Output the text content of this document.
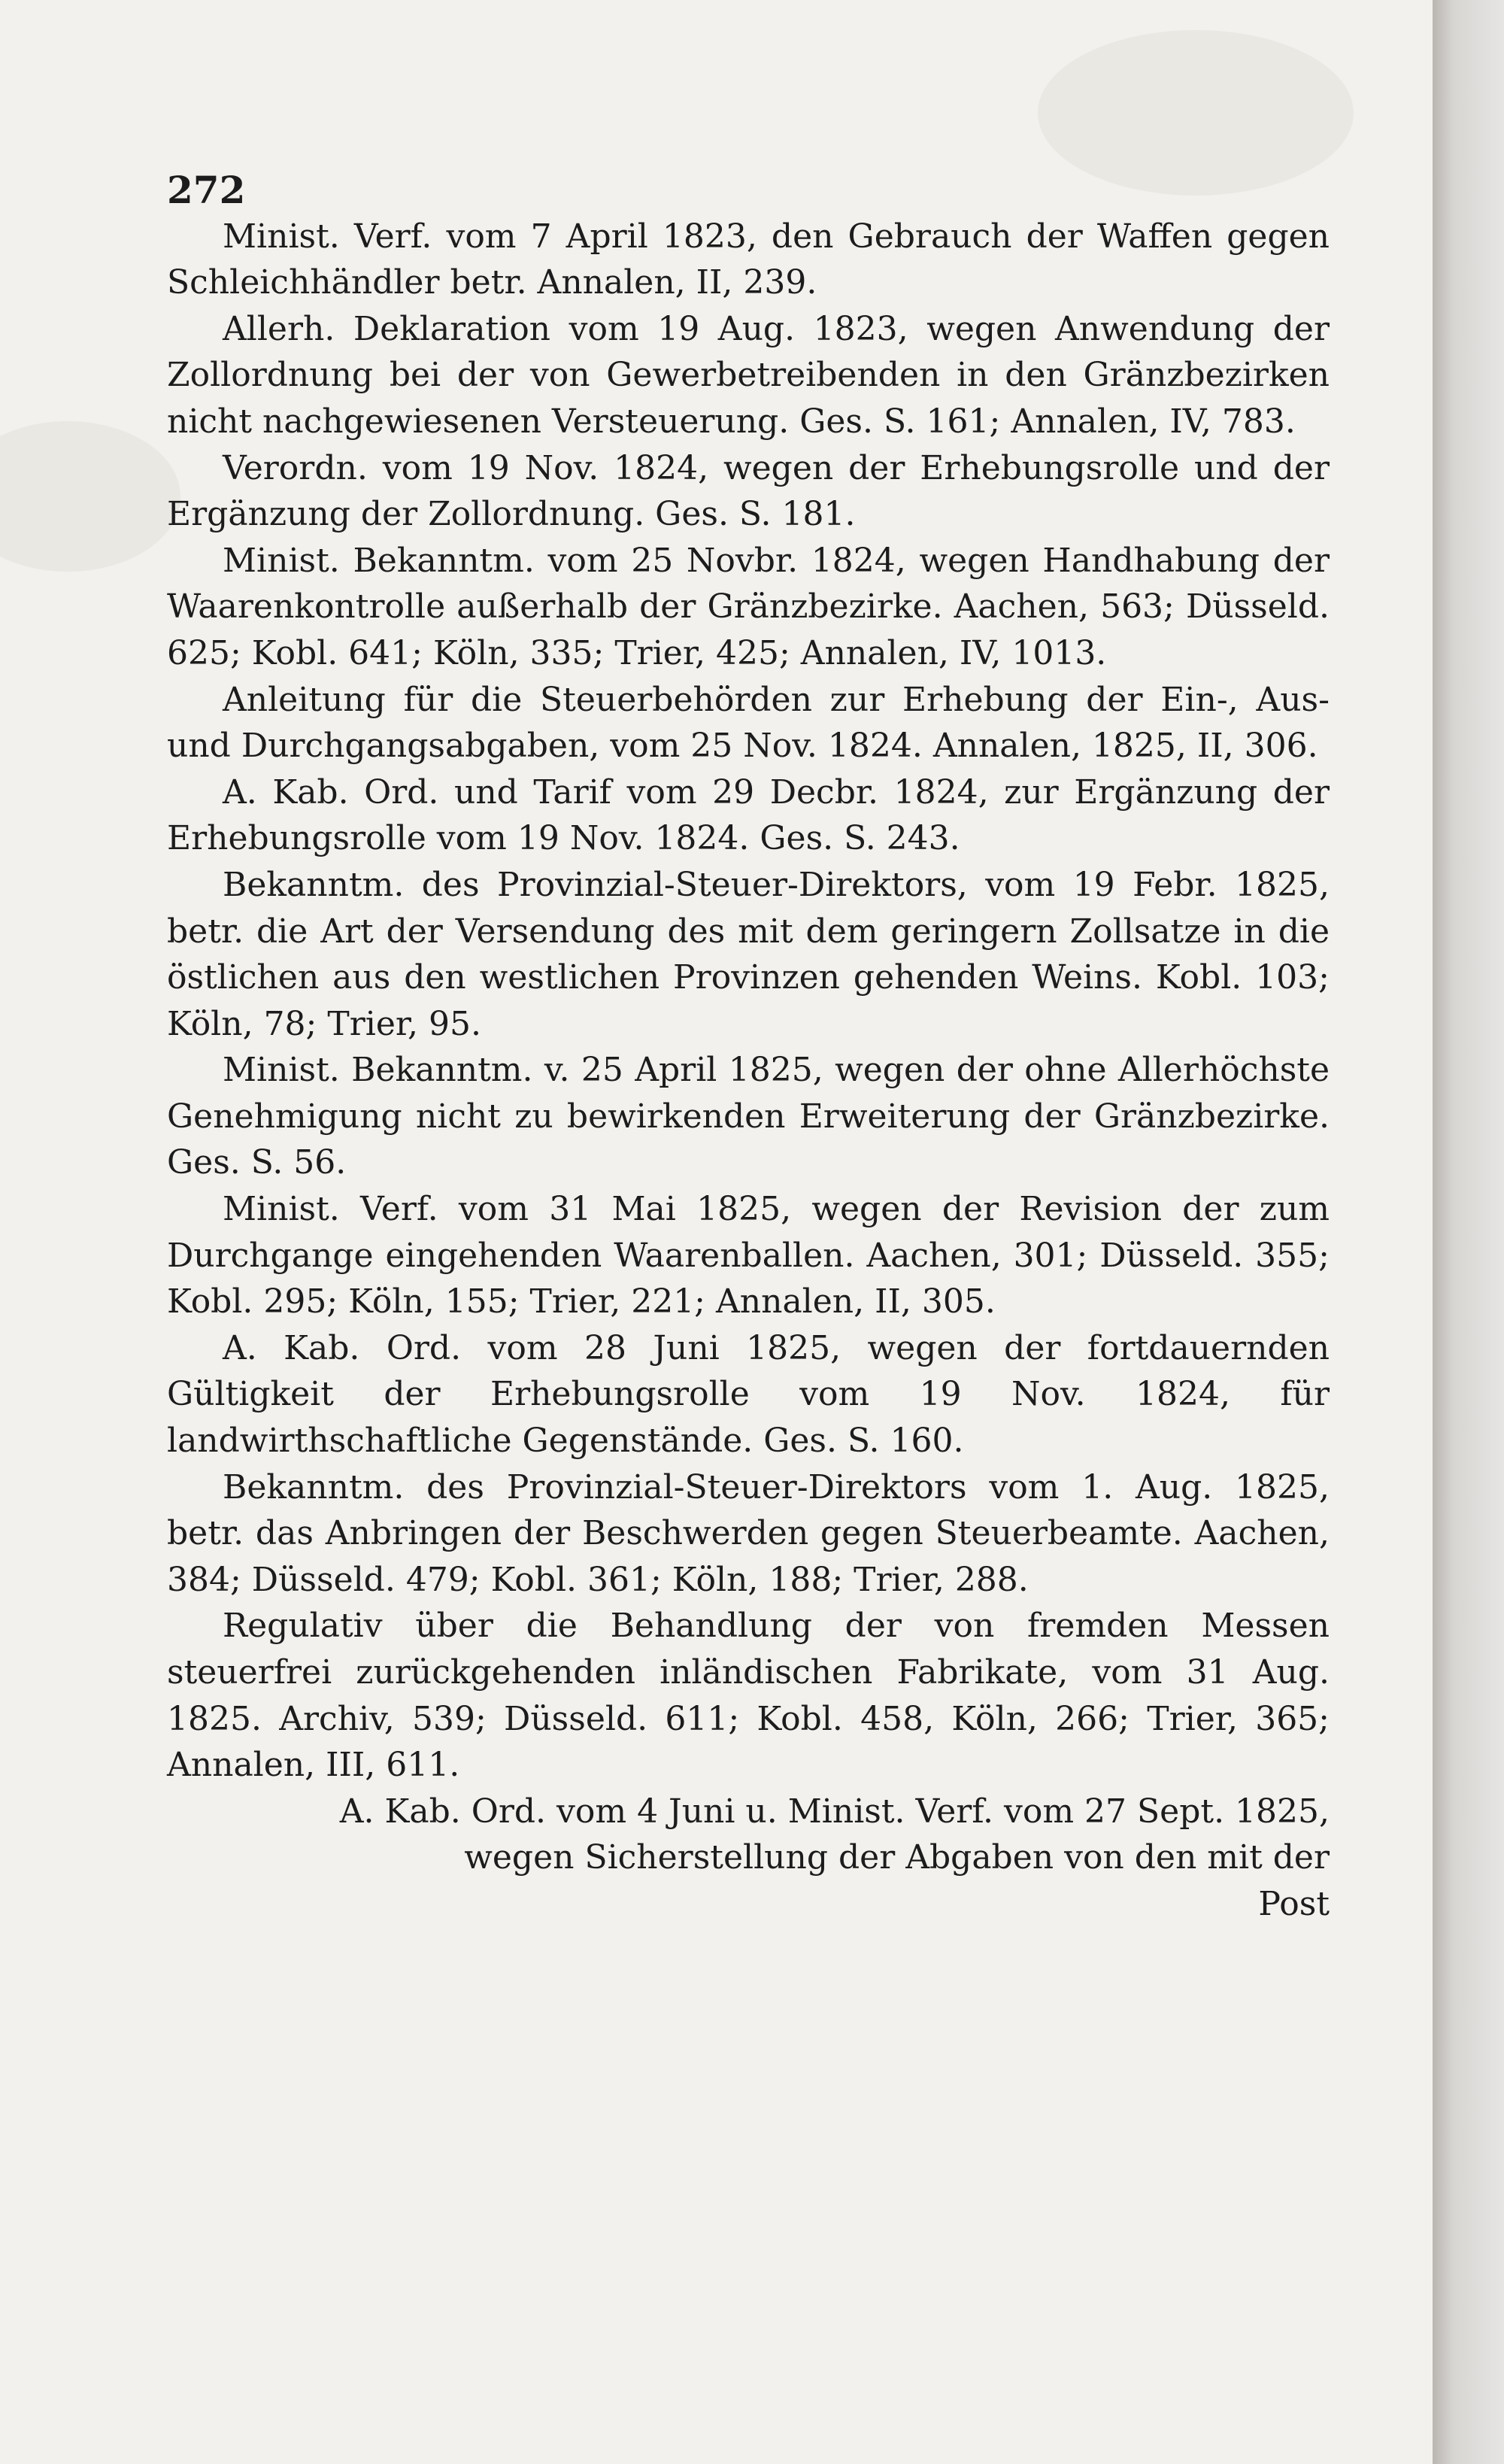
272
Minist. Verf. vom 7 April 1823, den Gebrauch der Waffen gegen Schleichhändler betr. Annalen, II, 239.
Allerh. Deklaration vom 19 Aug. 1823, wegen Anwendung der Zollordnung bei der von Gewerbetreibenden in den Gränzbezirken nicht nachgewiesenen Versteuerung. Ges. S. 161; Annalen, IV, 783.
Verordn. vom 19 Nov. 1824, wegen der Erhebungsrolle und der Ergänzung der Zollordnung. Ges. S. 181.
Minist. Bekanntm. vom 25 Novbr. 1824, wegen Handhabung der Waarenkontrolle außerhalb der Gränzbezirke. Aachen, 563; Düsseld. 625; Kobl. 641; Köln, 335; Trier, 425; Annalen, IV, 1013.
Anleitung für die Steuerbehörden zur Erhebung der Ein-, Aus- und Durchgangsabgaben, vom 25 Nov. 1824. Annalen, 1825, II, 306.
A. Kab. Ord. und Tarif vom 29 Decbr. 1824, zur Ergänzung der Erhebungsrolle vom 19 Nov. 1824. Ges. S. 243.
Bekanntm. des Provinzial-Steuer-Direktors, vom 19 Febr. 1825, betr. die Art der Versendung des mit dem geringern Zollsatze in die östlichen aus den westlichen Provinzen gehenden Weins. Kobl. 103; Köln, 78; Trier, 95.
Minist. Bekanntm. v. 25 April 1825, wegen der ohne Allerhöchste Genehmigung nicht zu bewirkenden Erweiterung der Gränzbezirke. Ges. S. 56.
Minist. Verf. vom 31 Mai 1825, wegen der Revision der zum Durchgange eingehenden Waarenballen. Aachen, 301; Düsseld. 355; Kobl. 295; Köln, 155; Trier, 221; Annalen, II, 305.
A. Kab. Ord. vom 28 Juni 1825, wegen der fortdauernden Gültigkeit der Erhebungsrolle vom 19 Nov. 1824, für landwirthschaftliche Gegenstände. Ges. S. 160.
Bekanntm. des Provinzial-Steuer-Direktors vom 1. Aug. 1825, betr. das Anbringen der Beschwerden gegen Steuerbeamte. Aachen, 384; Düsseld. 479; Kobl. 361; Köln, 188; Trier, 288.
Regulativ über die Behandlung der von fremden Messen steuerfrei zurückgehenden inländischen Fabrikate, vom 31 Aug. 1825. Archiv, 539; Düsseld. 611; Kobl. 458, Köln, 266; Trier, 365; Annalen, III, 611.
A. Kab. Ord. vom 4 Juni u. Minist. Verf. vom 27 Sept. 1825, wegen Sicherstellung der Abgaben von den mit der
Post
